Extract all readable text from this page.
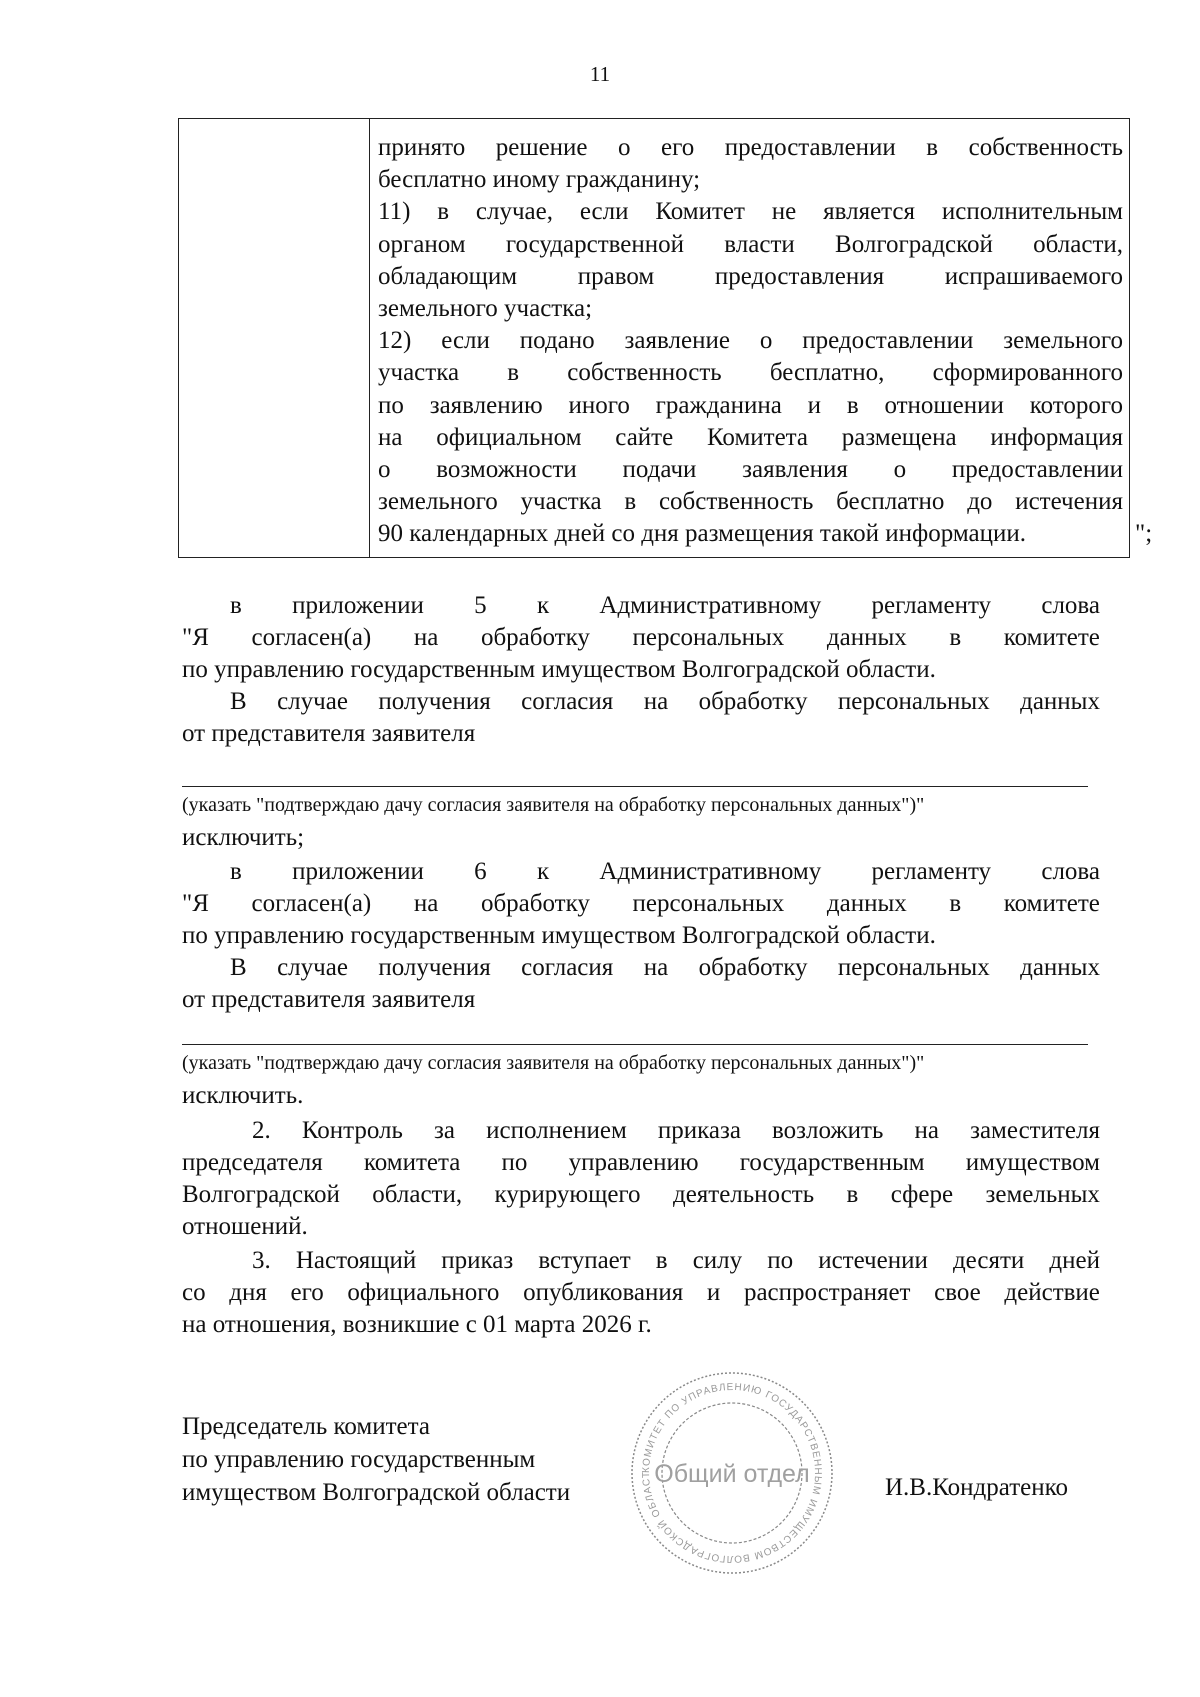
11

принято решение о его предоставлении в собственность

бесплатно иному гражданину;

11) в случае, если Комитет не является исполнительным

органом государственной власти Волгоградской области,

обладающим правом предоставления испрашиваемого

земельного участка;

12) если подано заявление о предоставлении земельного

участка в собственность бесплатно, сформированного

по заявлению иного гражданина и в отношении которого

на официальном сайте Комитета размещена информация

о возможности подачи заявления о предоставлении

земельного участка в собственность бесплатно до истечения

90 календарных дней со дня размещения такой информации.	";
в приложении 5 к Административному регламенту слова
"Я согласен(а) на обработку персональных данных в комитете
по управлению государственным имуществом Волгоградской области.
В случае получения согласия на обработку персональных данных
от представителя заявителя
(указать "подтверждаю дачу согласия заявителя на обработку персональных данных")"
исключить;
в приложении 6 к Административному регламенту слова
"Я согласен(а) на обработку персональных данных в комитете
по управлению государственным имуществом Волгоградской области.
В случае получения согласия на обработку персональных данных
от представителя заявителя
(указать "подтверждаю дачу согласия заявителя на обработку персональных данных")"
исключить.
2. Контроль за исполнением приказа возложить на заместителя
председателя комитета по управлению государственным имуществом
Волгоградской области, курирующего деятельность в сфере земельных
отношений.
3. Настоящий приказ вступает в силу по истечении десяти дней
со дня его официального опубликования и распространяет свое действие
на отношения, возникшие с 01 марта 2026 г.
Председатель комитета
по управлению государственным
имуществом Волгоградской области	И.В.Кондратенко
КОМИТЕТ ПО УПРАВЛЕНИЮ ГОСУДАРСТВЕННЫМ ИМУЩЕСТВОМ ВОЛГОГРАДСКОЙ ОБЛАСТ Общий отдел
